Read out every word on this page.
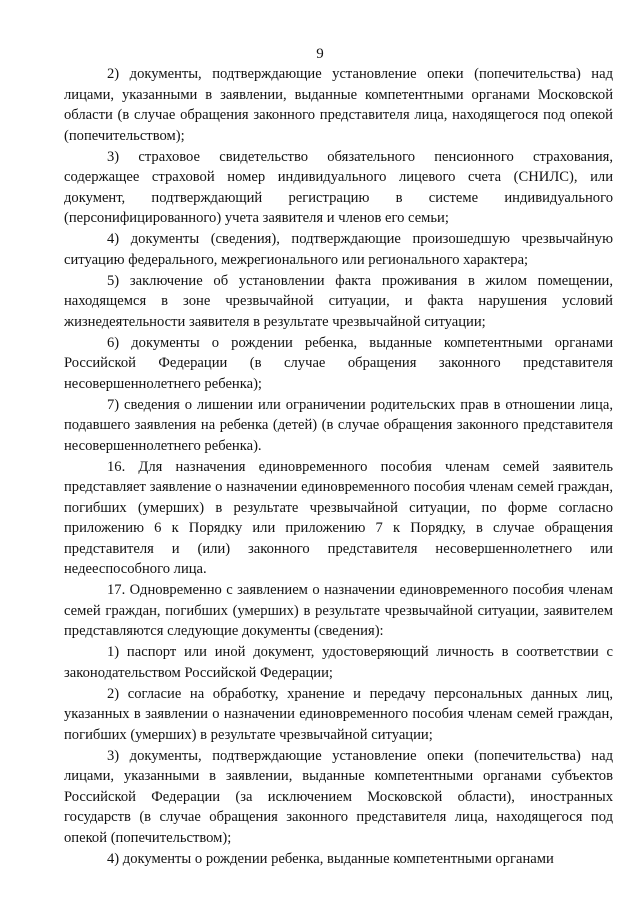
9

2) документы, подтверждающие установление опеки (попечительства) над лицами, указанными в заявлении, выданные компетентными органами Московской области (в случае обращения законного представителя лица, находящегося под опекой (попечительством);

3) страховое свидетельство обязательного пенсионного страхования, содержащее страховой номер индивидуального лицевого счета (СНИЛС), или документ, подтверждающий регистрацию в системе индивидуального (персонифицированного) учета заявителя и членов его семьи;

4) документы (сведения), подтверждающие произошедшую чрезвычайную ситуацию федерального, межрегионального или регионального характера;

5) заключение об установлении факта проживания в жилом помещении, находящемся в зоне чрезвычайной ситуации, и факта нарушения условий жизнедеятельности заявителя в результате чрезвычайной ситуации;

6) документы о рождении ребенка, выданные компетентными органами Российской Федерации (в случае обращения законного представителя несовершеннолетнего ребенка);

7) сведения о лишении или ограничении родительских прав в отношении лица, подавшего заявления на ребенка (детей) (в случае обращения законного представителя несовершеннолетнего ребенка).

16. Для назначения единовременного пособия членам семей заявитель представляет заявление о назначении единовременного пособия членам семей граждан, погибших (умерших) в результате чрезвычайной ситуации, по форме согласно приложению 6 к Порядку или приложению 7 к Порядку, в случае обращения представителя и (или) законного представителя несовершеннолетнего или недееспособного лица.

17. Одновременно с заявлением о назначении единовременного пособия членам семей граждан, погибших (умерших) в результате чрезвычайной ситуации, заявителем представляются следующие документы (сведения):

1) паспорт или иной документ, удостоверяющий личность в соответствии с законодательством Российской Федерации;

2) согласие на обработку, хранение и передачу персональных данных лиц, указанных в заявлении о назначении единовременного пособия членам семей граждан, погибших (умерших) в результате чрезвычайной ситуации;

3) документы, подтверждающие установление опеки (попечительства) над лицами, указанными в заявлении, выданные компетентными органами субъектов Российской Федерации (за исключением Московской области), иностранных государств (в случае обращения законного представителя лица, находящегося под опекой (попечительством);

4) документы о рождении ребенка, выданные компетентными органами
